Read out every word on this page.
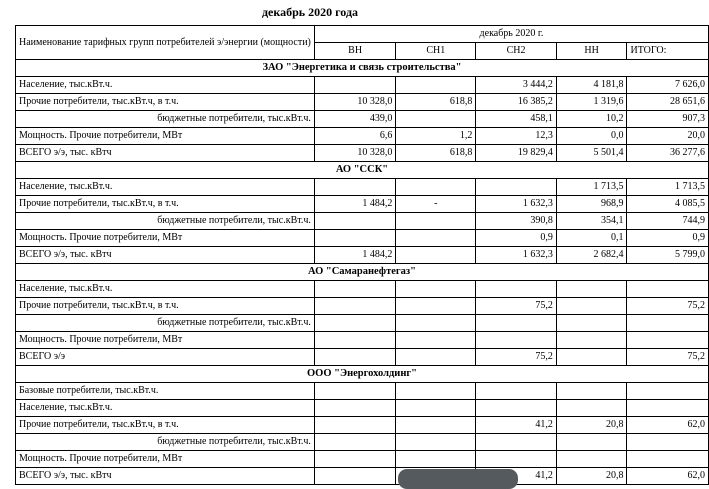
декабрь 2020 года
Наименование тарифных групп потребителей э/энергии (мощности)	декабрь 2020 г.				
	ВН	СН1	СН2	НН	ИТОГО:
ЗАО "Энергетика и связь строительства"					
Население, тыс.кВт.ч.			3 444,2	4 181,8	7 626,0
Прочие потребители, тыс.кВт.ч, в т.ч.	10 328,0	618,8	16 385,2	1 319,6	28 651,6
бюджетные потребители, тыс.кВт.ч.	439,0		458,1	10,2	907,3
Мощность. Прочие потребители, МВт	6,6	1,2	12,3	0,0	20,0
ВСЕГО э/э, тыс. кВтч	10 328,0	618,8	19 829,4	5 501,4	36 277,6
АО "ССК"					
Население, тыс.кВт.ч.				1 713,5	1 713,5
Прочие потребители, тыс.кВт.ч, в т.ч.	1 484,2	-	1 632,3	968,9	4 085,5
бюджетные потребители, тыс.кВт.ч.			390,8	354,1	744,9
Мощность. Прочие потребители, МВт			0,9	0,1	0,9
ВСЕГО э/э, тыс. кВтч	1 484,2		1 632,3	2 682,4	5 799,0
АО "Самаранефтегаз"					
Население, тыс.кВт.ч.					
Прочие потребители, тыс.кВт.ч, в т.ч.			75,2		75,2
бюджетные потребители, тыс.кВт.ч.					
Мощность. Прочие потребители, МВт					
ВСЕГО э/э			75,2		75,2
ООО "Энергохолдинг"					
Базовые потребители, тыс.кВт.ч.					
Население, тыс.кВт.ч.					
Прочие потребители, тыс.кВт.ч, в т.ч.			41,2	20,8	62,0
бюджетные потребители, тыс.кВт.ч.					
Мощность. Прочие потребители, МВт					
ВСЕГО э/э, тыс. кВтч			41,2	20,8	62,0
